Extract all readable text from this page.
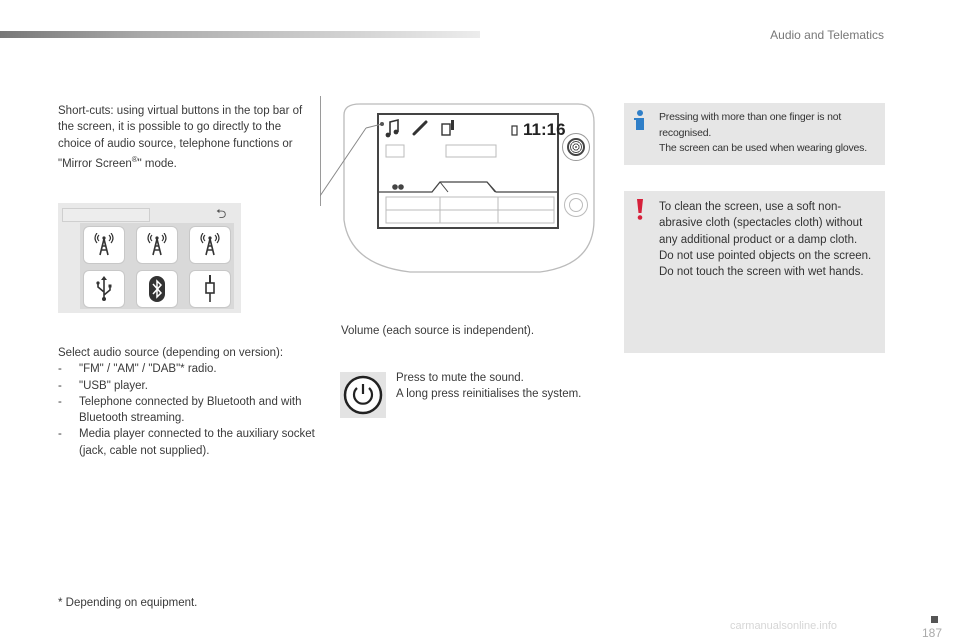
Audio and Telematics
Short-cuts: using virtual buttons in the top bar of the screen, it is possible to go directly to the choice of audio source, telephone functions or "Mirror Screen®" mode.
⮌
11:16
Volume (each source is independent).

Press to mute the sound.

A long press reinitialises the system.

Select audio source (depending on version):

- "FM" / "AM" / "DAB"* radio.
- "USB" player.
- Telephone connected by Bluetooth and with Bluetooth streaming.
- Media player connected to the auxiliary socket (jack, cable not supplied).

Pressing with more than one finger is not recognised.

The screen can be used when wearing gloves.

To clean the screen, use a soft non-abrasive cloth (spectacles cloth) without any additional product or a damp cloth.

Do not use pointed objects on the screen.

Do not touch the screen with wet hands.

* Depending on equipment.
carmanualsonline.info	187
